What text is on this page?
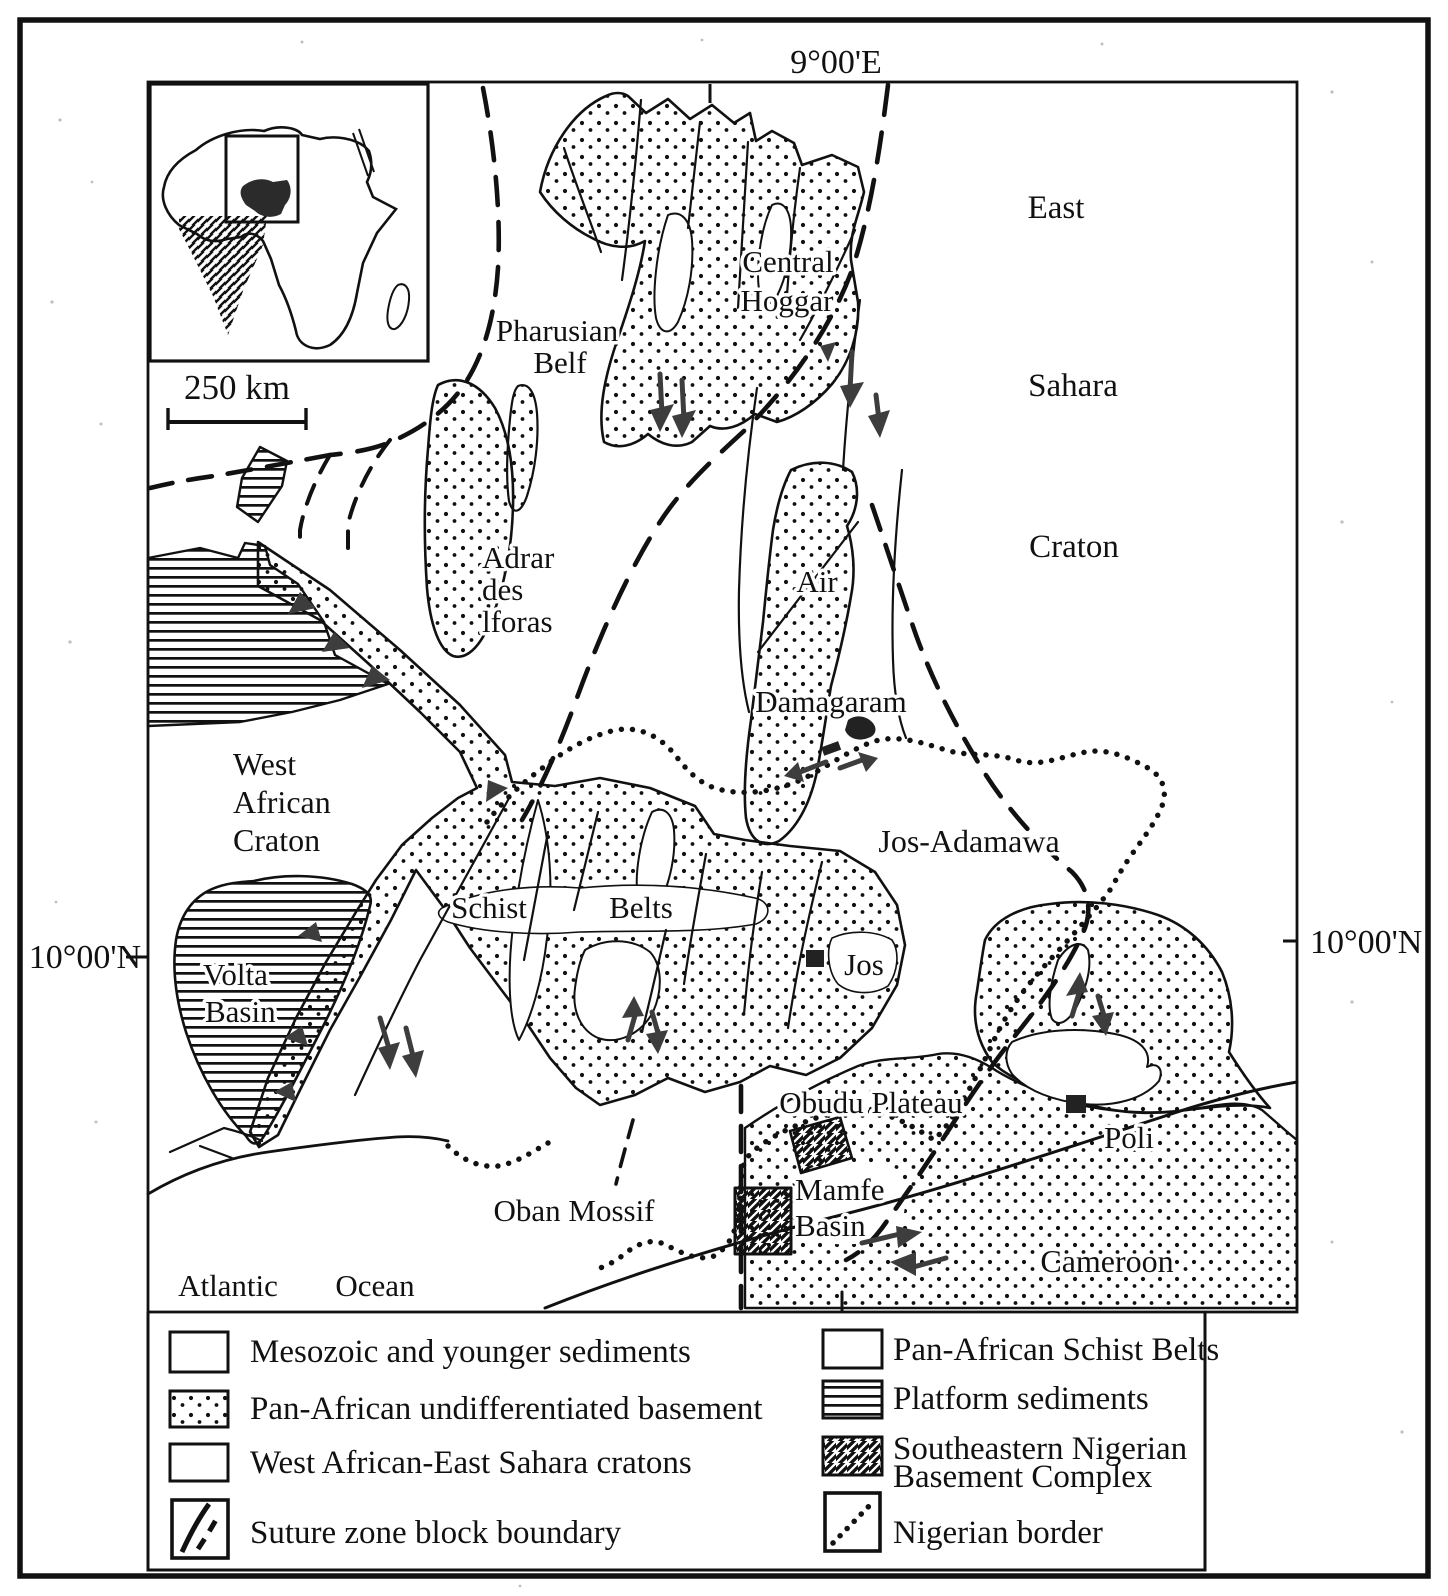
250 km
9°00'E
10°00'N	10°00'N
East
Sahara
Craton
Central
Hoggar
Pharusian
Belf
Adrar
des
lforas
Air
Damagaram
West
African
Craton
Volta
Basin
Schist	Belts
Jos-Adamawa
Jos
Obudu Plateau
Mamfe
Basin
Poli
Oban Mossif
Atlantic Ocean
Cameroon
Mesozoic and younger sediments
Pan-African undifferentiated basement
West African-East Sahara cratons
Suture zone block boundary
Pan-African Schist Belts
Platform sediments
Southeastern Nigerian
Basement Complex
Nigerian border
